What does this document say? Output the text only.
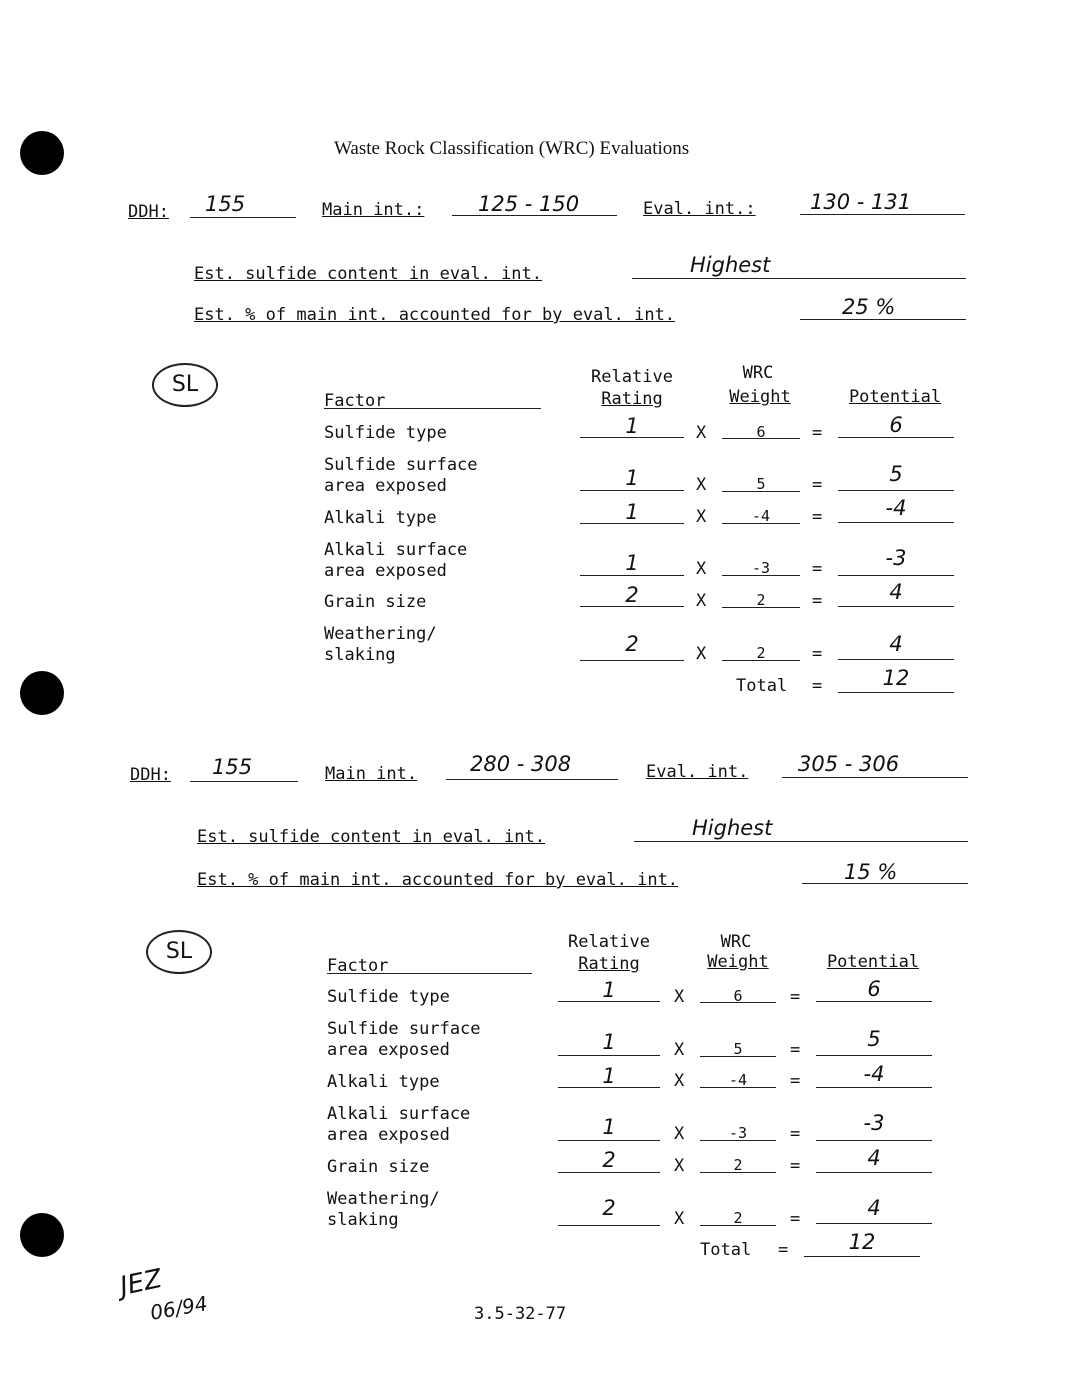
Waste Rock Classification (WRC) Evaluations
DDH: 155	Main int.:	125 - 150	Eval. int.:	130 - 131
Est. sulfide content in eval. int.	Highest
Est. % of main int. accounted for by eval. int.	25 %
SL	Relative
Rating
WRC
Weight	Potential
Factor
Sulfide type	1	X	6	=	6
Sulfide surface
area exposed	1	X	5	=	5
Alkali type	1	X	-4	=	-4
Alkali surface
area exposed	1	X	-3	=	-3
Grain size	2	X	2	=	4
Weathering/
slaking	2	X	2	=	4
Total =	12
DDH: 155	Main int.	280 - 308	Eval. int. 305 - 306
Est. sulfide content in eval. int.	Highest
Est. % of main int. accounted for by eval. int.	15 %
SL	Relative
Rating
WRC
Weight	Potential
Factor
Sulfide type	1	X	6	=	6
Sulfide surface
area exposed	1	X	5	=	5
Alkali type	1	X	-4	=	-4
Alkali surface
area exposed	1	X	-3	=	-3
Grain size	2	X	2	=	4
Weathering/
slaking	2	X	2	=	4
Total =	12
JEZ
06/94	3.5-32-77
